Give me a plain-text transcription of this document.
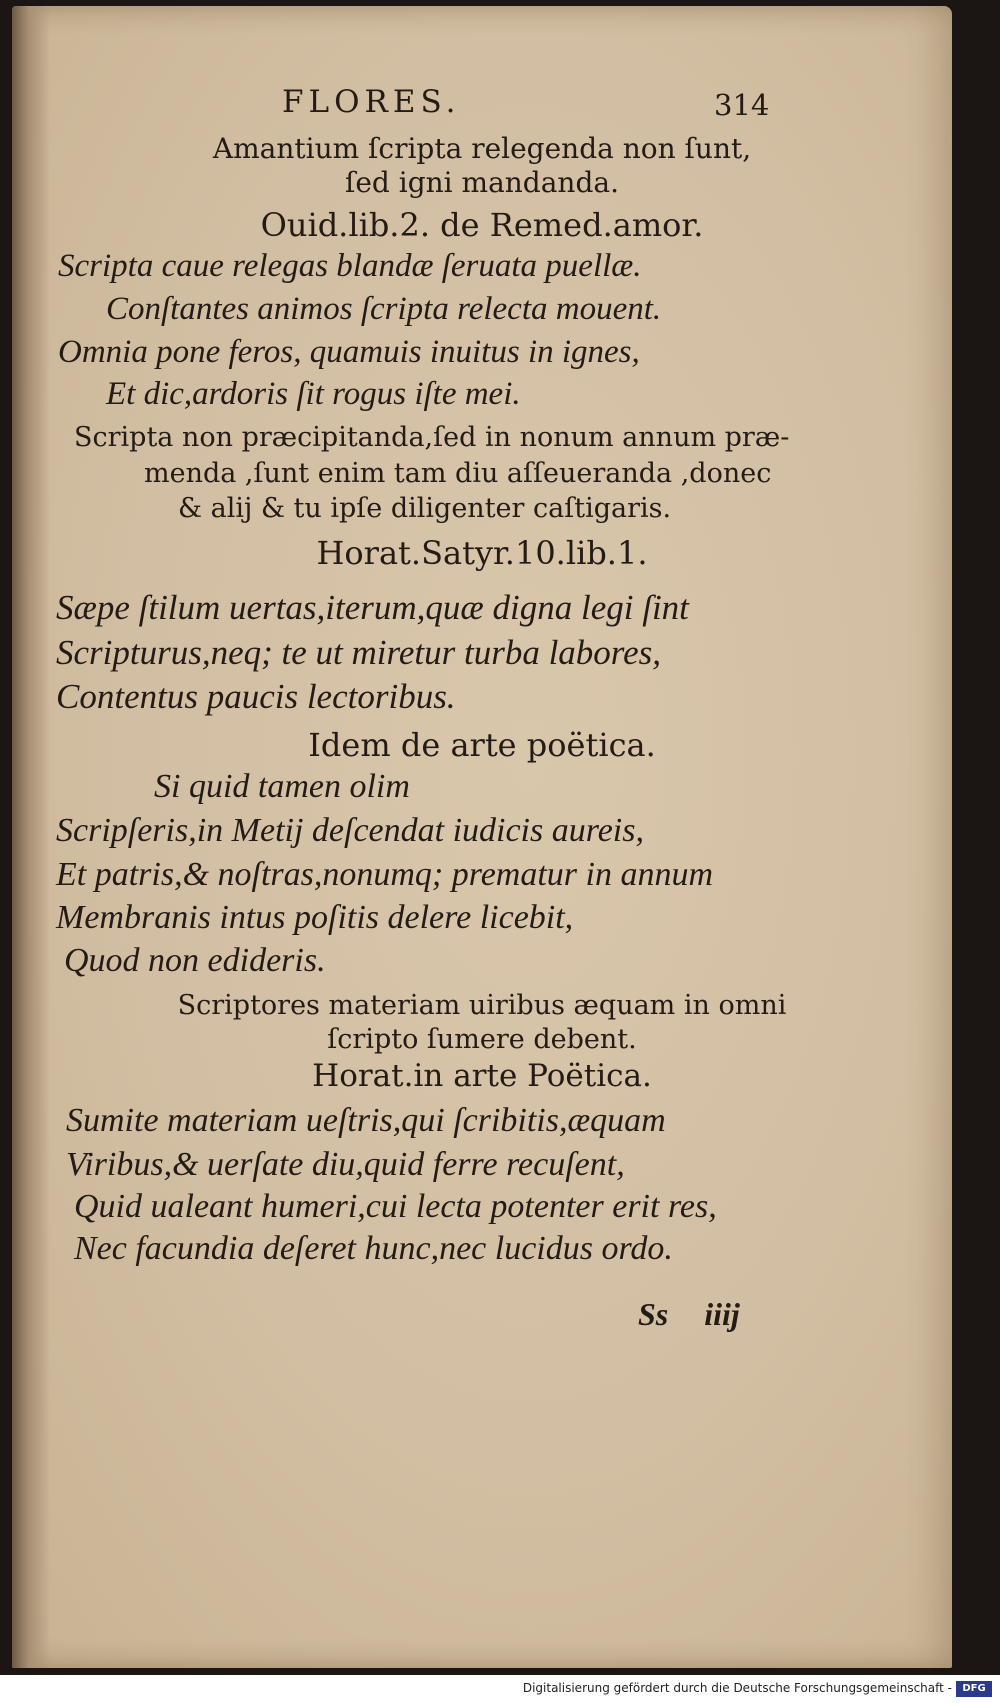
FLORES.	314
Amantium ſcripta relegenda non ſunt,
ſed igni mandanda.
Ouid.lib.2. de Remed.amor.
Scripta caue relegas blandæ ſeruata puellæ.
Conſtantes animos ſcripta relecta mouent.
Omnia pone feros, quamuis inuitus in ignes,
Et dic,ardoris ſit rogus iſte mei.
Scripta non præcipitanda,ſed in nonum annum præ-
menda ,ſunt enim tam diu aſſeueranda ,donec
& alij & tu ipſe diligenter caſtigaris.
Horat.Satyr.10.lib.1.
Sæpe ſtilum uertas,iterum,quæ digna legi ſint
Scripturus,neq; te ut miretur turba labores,
Contentus paucis lectoribus.
Idem de arte poëtica.
Si quid tamen olim
Scripſeris,in Metij deſcendat iudicis aureis,
Et patris,& noſtras,nonumq; prematur in annum
Membranis intus poſitis delere licebit,
Quod non edideris.
Scriptores materiam uiribus æquam in omni
ſcripto ſumere debent.
Horat.in arte Poëtica.
Sumite materiam ueſtris,qui ſcribitis,æquam
Viribus,& uerſate diu,quid ferre recuſent,
Quid ualeant humeri,cui lecta potenter erit res,
Nec facundia deſeret hunc,nec lucidus ordo.
Ss iiij
Digitalisierung gefördert durch die Deutsche Forschungsgemeinschaft -	DFG
